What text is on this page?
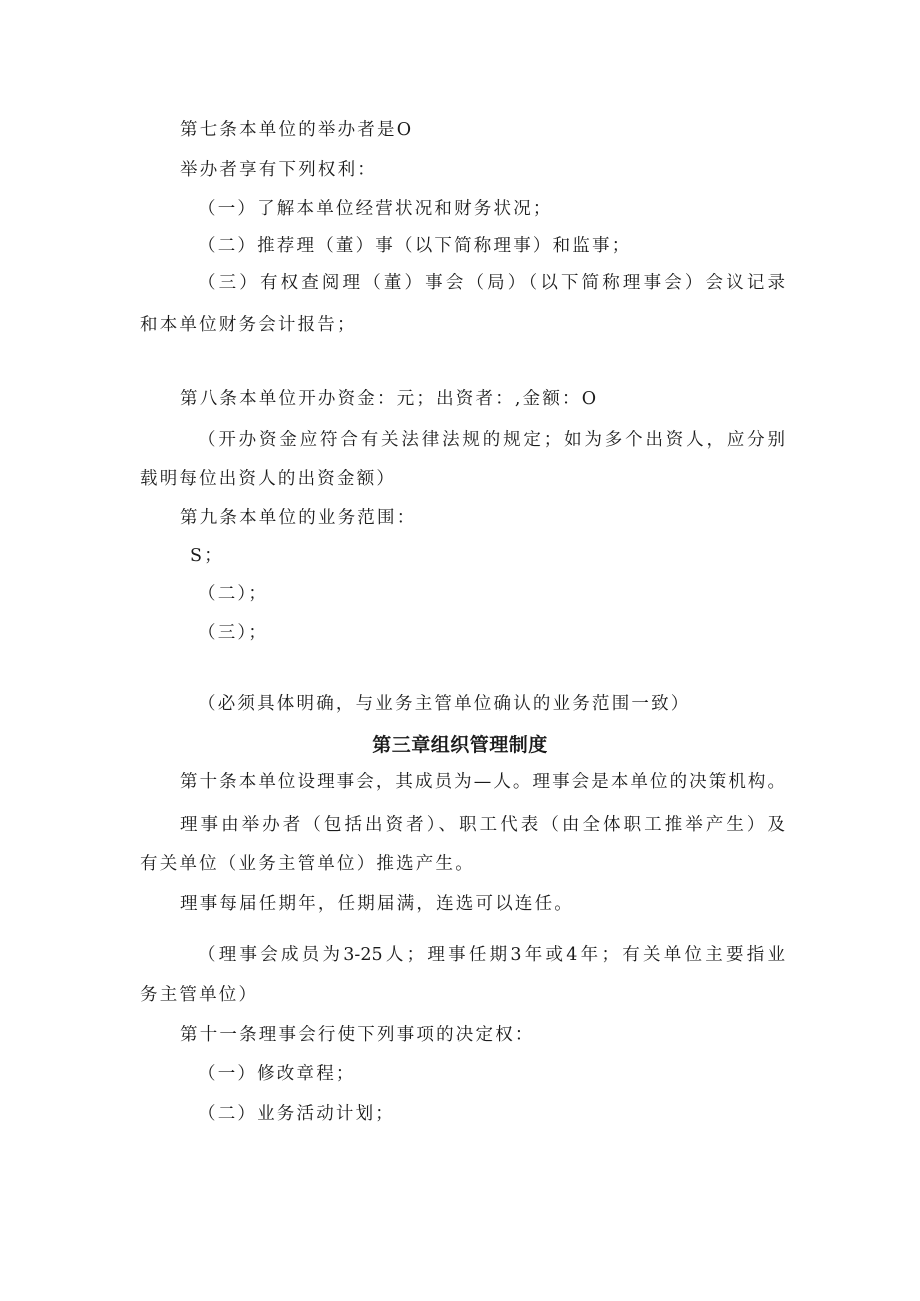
第七条本单位的举办者是O
举办者享有下列权利：
（一）了解本单位经营状况和财务状况；
（二）推荐理（董）事（以下简称理事）和监事；
（三）有权查阅理（董）事会（局）（以下简称理事会）会议记录
和本单位财务会计报告；
第八条本单位开办资金：元；出资者：,金额：O
（开办资金应符合有关法律法规的规定；如为多个出资人，应分别
载明每位出资人的出资金额）
第九条本单位的业务范围：
S；
（二）；
（三）；
（必须具体明确，与业务主管单位确认的业务范围一致）
第三章组织管理制度
第十条本单位设理事会，其成员为—人。理事会是本单位的决策机构。
理事由举办者（包括出资者）、职工代表（由全体职工推举产生）及
有关单位（业务主管单位）推选产生。
理事每届任期年，任期届满，连选可以连任。
（理事会成员为3-25人；理事任期3年或4年；有关单位主要指业
务主管单位）
第十一条理事会行使下列事项的决定权：
（一）修改章程；
（二）业务活动计划；
